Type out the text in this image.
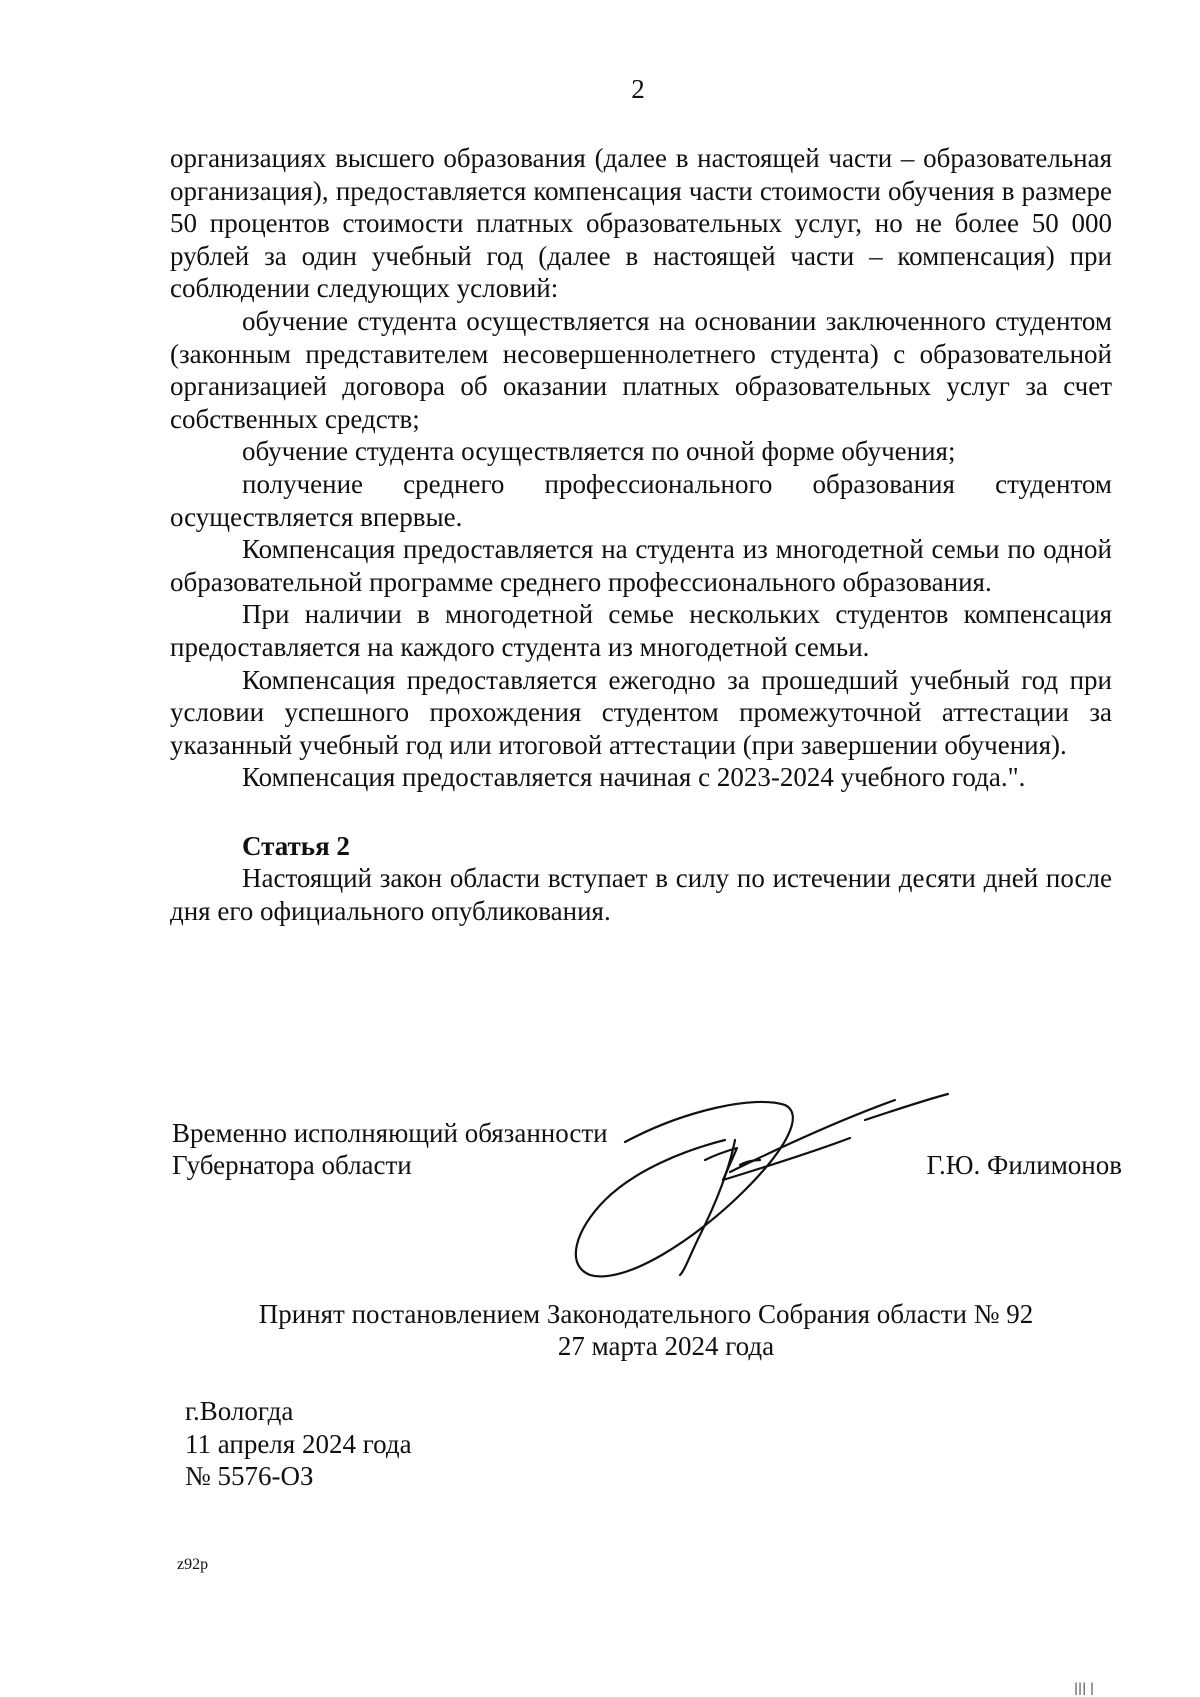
2

организациях высшего образования (далее в настоящей части – образовательная организация), предоставляется компенсация части стоимости обучения в размере 50 процентов стоимости платных образовательных услуг, но не более 50 000 рублей за один учебный год (далее в настоящей части – компенсация) при соблюдении следующих условий:

обучение студента осуществляется на основании заключенного студентом (законным представителем несовершеннолетнего студента) с образовательной организацией договора об оказании платных образовательных услуг за счет собственных средств;

обучение студента осуществляется по очной форме обучения;

получение среднего профессионального образования студентом осуществляется впервые.

Компенсация предоставляется на студента из многодетной семьи по одной образовательной программе среднего профессионального образования.

При наличии в многодетной семье нескольких студентов компенсация предоставляется на каждого студента из многодетной семьи.

Компенсация предоставляется ежегодно за прошедший учебный год при условии успешного прохождения студентом промежуточной аттестации за указанный учебный год или итоговой аттестации (при завершении обучения).

Компенсация предоставляется начиная с 2023-2024 учебного года.".

Статья 2

Настоящий закон области вступает в силу по истечении десяти дней после дня его официального опубликования.

Временно исполняющий обязанности
Губернатора области	Г.Ю. Филимонов
Принят постановлением Законодательного Собрания области № 92
27 марта 2024 года
г.Вологда
11 апреля 2024 года
№ 5576-ОЗ
z92p
||| |
